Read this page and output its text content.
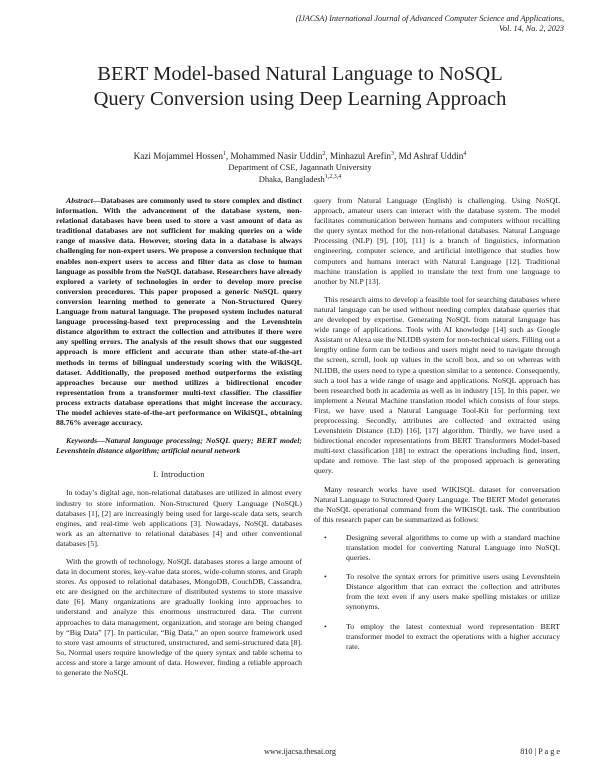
(IJACSA) International Journal of Advanced Computer Science and Applications,
Vol. 14, No. 2, 2023
BERT Model-based Natural Language to NoSQL
Query Conversion using Deep Learning Approach
Kazi Mojammel Hossen$^1$, Mohammed Nasir Uddin$^2$, Minhazul Arefin$^3$, Md Ashraf Uddin$^4$
Department of CSE, Jagannath University
Dhaka, Bangladesh$^{1,2,3,4}$

Abstract—Databases are commonly used to store complex and distinct information. With the advancement of the database system, non-relational databases have been used to store a vast amount of data as traditional databases are not sufficient for making queries on a wide range of massive data. However, storing data in a database is always challenging for non-expert users. We propose a conversion technique that enables non-expert users to access and filter data as close to human language as possible from the NoSQL database. Researchers have already explored a variety of technologies in order to develop more precise conversion procedures. This paper proposed a generic NoSQL query conversion learning method to generate a Non-Structured Query Language from natural language. The proposed system includes natural language processing-based text preprocessing and the Levenshtein distance algorithm to extract the collection and attributes if there were any spelling errors. The analysis of the result shows that our suggested approach is more efficient and accurate than other state-of-the-art methods in terms of bilingual understudy scoring with the WikiSQL dataset. Additionally, the proposed method outperforms the existing approaches because our method utilizes a bidirectional encoder representation from a transformer multi-text classifier. The classifier process extracts database operations that might increase the accuracy. The model achieves state-of-the-art performance on WikiSQL, obtaining 88.76% average accuracy.

Keywords—Natural language processing; NoSQL query; BERT model; Levenshtein distance algorithm; artificial neural network

I. Introduction

In today’s digital age, non-relational databases are utilized in almost every industry to store information. Non-Structured Query Language (NoSQL) databases [1], [2] are increasingly being used for large-scale data sets, search engines, and real-time web applications [3]. Nowadays, NoSQL databases work as an alternative to relational databases [4] and other conventional databases [5].

With the growth of technology, NoSQL databases stores a large amount of data in document stores, key-value data stores, wide-column stores, and Graph stores. As opposed to relational databases, MongoDB, CouchDB, Cassandra, etc are designed on the architecture of distributed systems to store massive date [6]. Many organizations are gradually looking into approaches to understand and analyze this enormous unstructured data. The current approaches to data management, organization, and storage are being changed by “Big Data” [7]. In particular, “Big Data,” an open source framework used to store vast amounts of structured, unstructured, and semi-structured data [8]. So, Normal users require knowledge of the query syntax and table schema to access and store a large amount of data. However, finding a reliable approach to generate the NoSQL

query from Natural Language (English) is challenging. Using NoSQL approach, amateur users can interact with the database system. The model facilitates communication between humans and computers without recalling the query syntax method for the non-relational databases. Natural Language Processing (NLP) [9], [10], [11] is a branch of linguistics, information engineering, computer science, and artificial intelligence that studies how computers and humans interact with Natural Language [12]. Traditional machine translation is applied to translate the text from one language to another by NLP [13].

This research aims to develop a feasible tool for searching databases where natural language can be used without needing complex database queries that are developed by expertise. Generating NoSQL from natural language has wide range of applications. Tools with AI knowledge [14] such as Google Assistant or Alexa use the NLIDB system for non-technical users. Filling out a lengthy online form can be tedious and users might need to navigate through the screen, scroll, look up values in the scroll box, and so on whereas with NLIDB, the users need to type a question similar to a sentence. Consequently, such a tool has a wide range of usage and applications. NoSQL approach has been researched both in academia as well as in industry [15]. In this paper, we implement a Neural Machine translation model which consists of four steps. First, we have used a Natural Language Tool-Kit for performing text preprocessing. Secondly, attributes are collected and extracted using Levenshtein Distance (LD) [16], [17] algorithm. Thirdly, we have used a bidirectional encoder representations from BERT Transformers Model-based multi-text classification [18] to extract the operations including find, insert, update and remove. The last step of the proposed approach is generating query.

Many research works have used WIKISQL dataset for conversation Natural Language to Structured Query Language. The BERT Model generates the NoSQL operational command from the WIKISQL task. The contribution of this research paper can be summarized as follows:

• Designing several algorithms to come up with a standard machine translation model for converting Natural Language into NoSQL queries.
• To resolve the syntax errors for primitive users using Levenshtein Distance algorithm that can extract the collection and attributes from the text even if any users make spelling mistakes or utilize synonyms.
• To employ the latest contextual word representation BERT transformer model to extract the operations with a higher accuracy rate.
www.ijacsa.thesai.org	810 | P a g e
